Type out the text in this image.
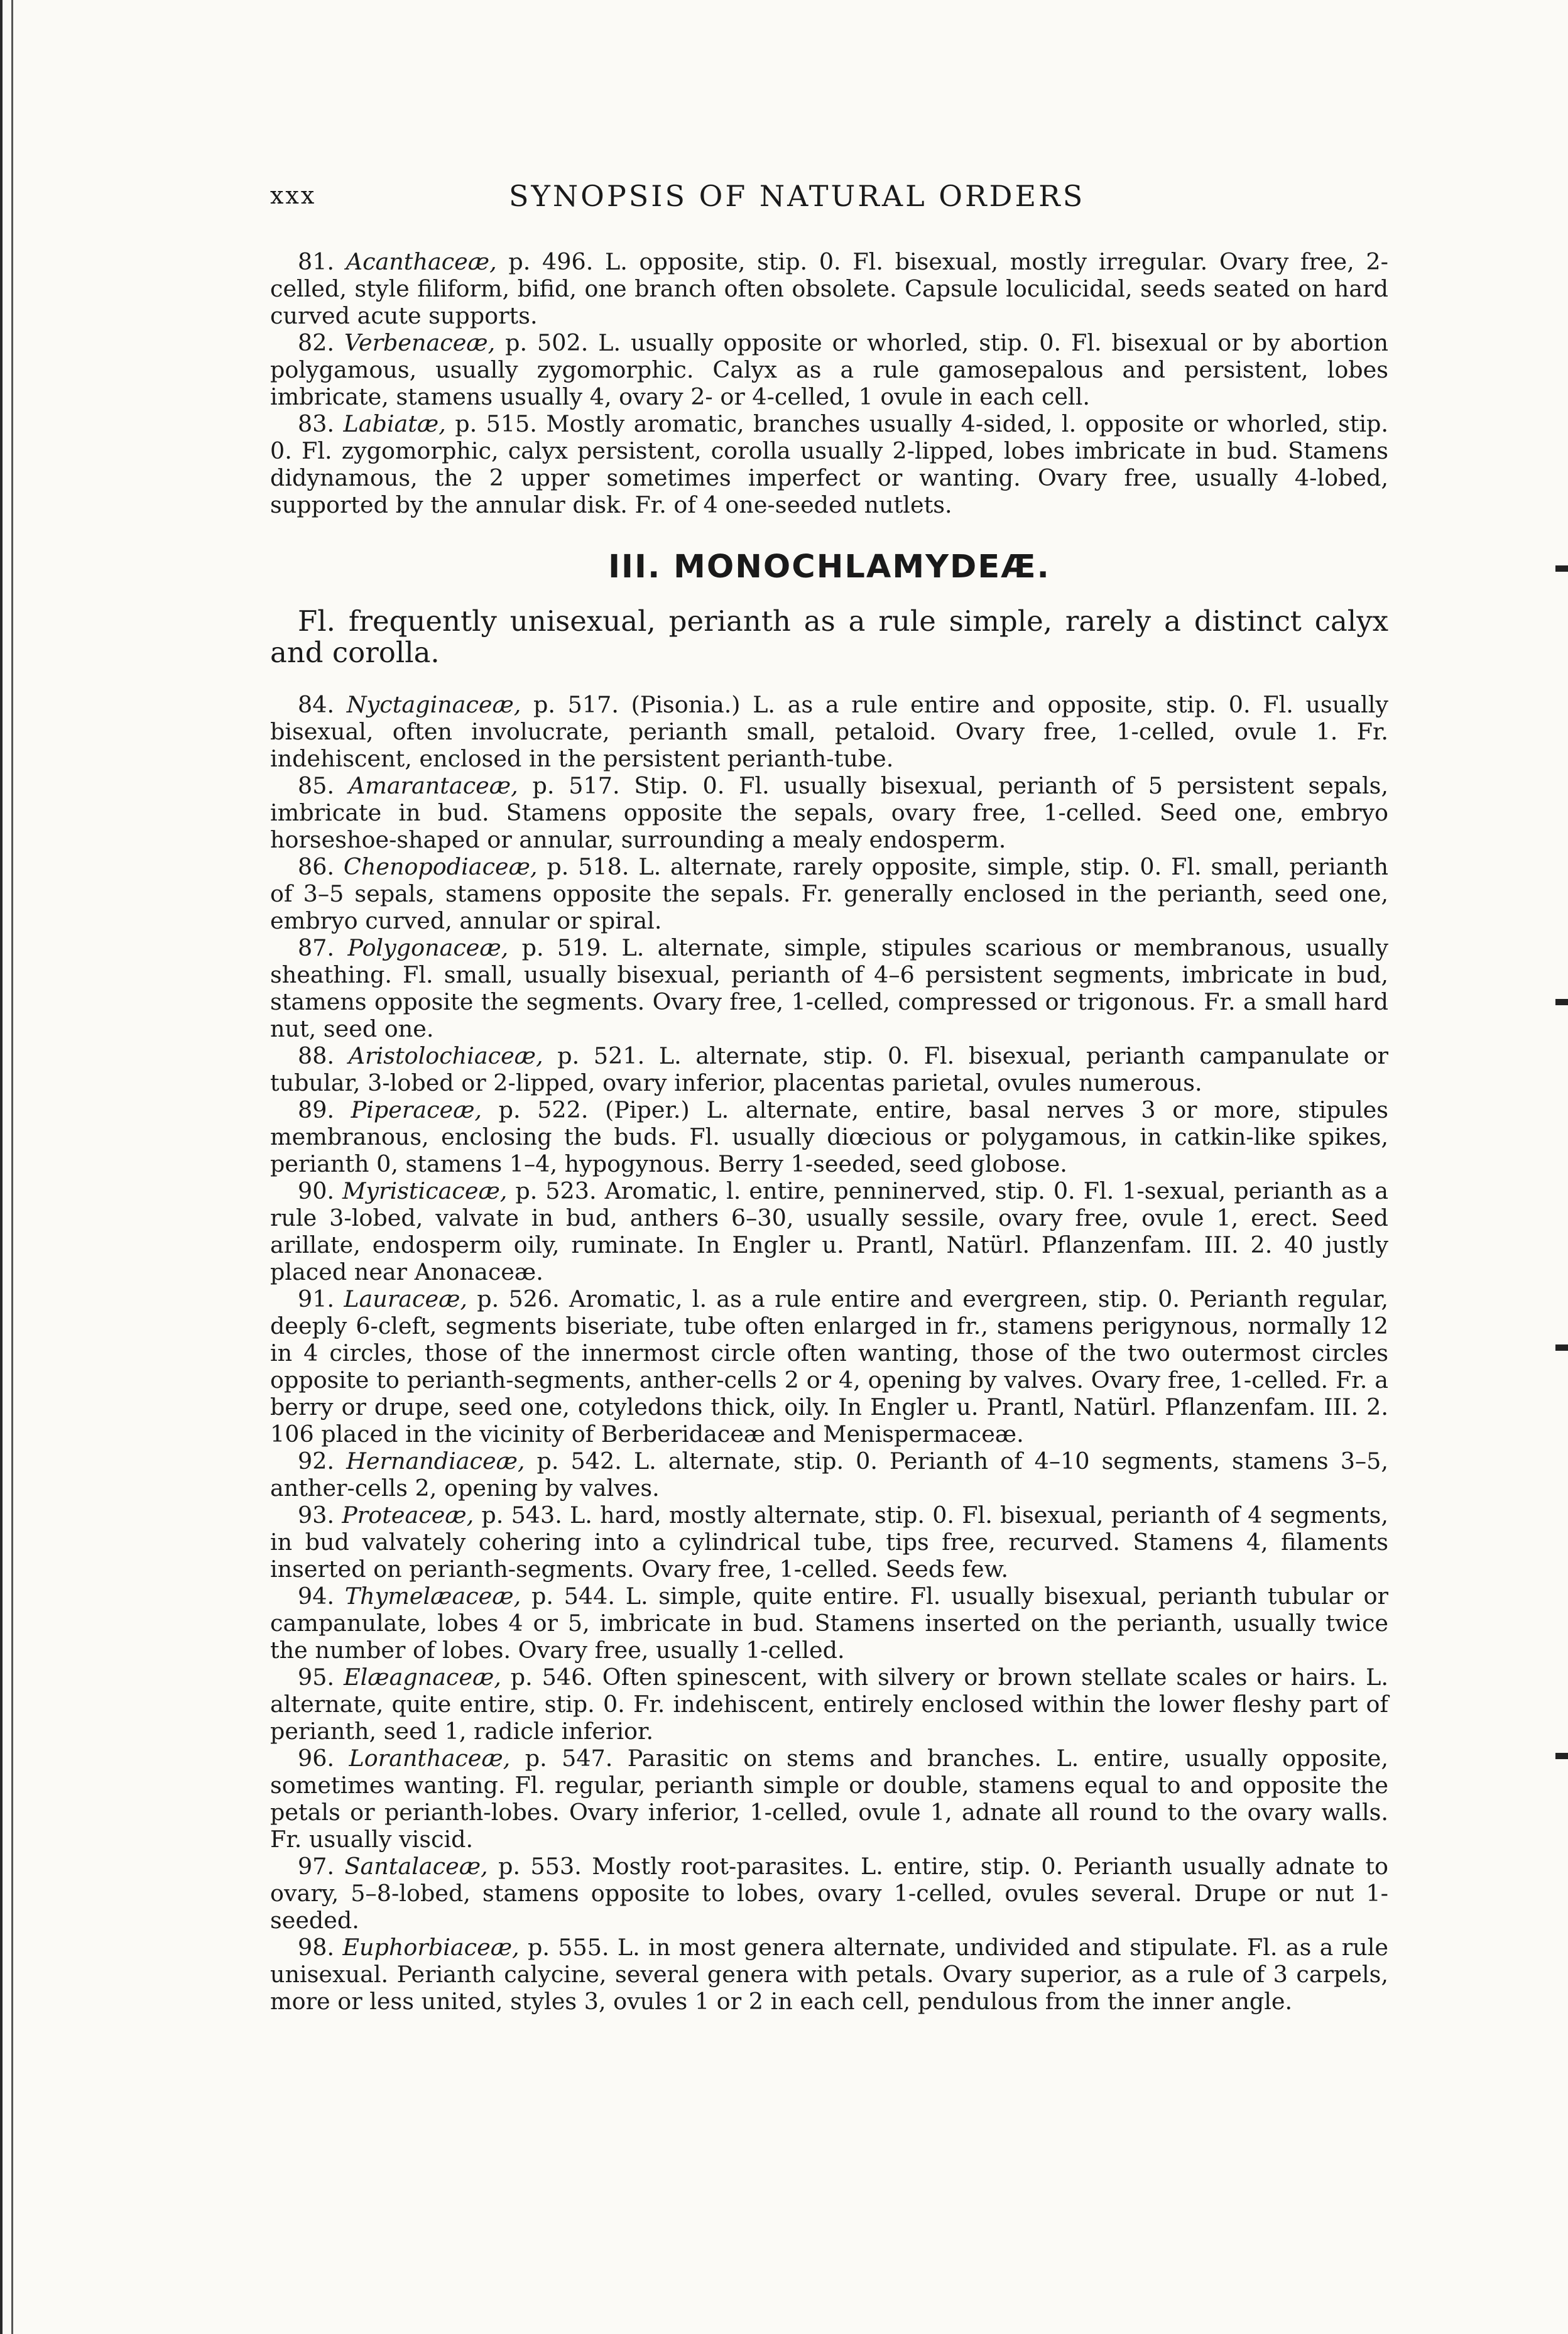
xxx	SYNOPSIS OF NATURAL ORDERS

81. Acanthaceæ, p. 496. L. opposite, stip. 0. Fl. bisexual, mostly irregular. Ovary free, 2-celled, style filiform, bifid, one branch often obsolete. Capsule loculicidal, seeds seated on hard curved acute supports.

82. Verbenaceæ, p. 502. L. usually opposite or whorled, stip. 0. Fl. bisexual or by abortion polygamous, usually zygomorphic. Calyx as a rule gamosepalous and persistent, lobes imbricate, stamens usually 4, ovary 2- or 4-celled, 1 ovule in each cell.

83. Labiatæ, p. 515. Mostly aromatic, branches usually 4-sided, l. opposite or whorled, stip. 0. Fl. zygomorphic, calyx persistent, corolla usually 2-lipped, lobes imbricate in bud. Stamens didynamous, the 2 upper sometimes imperfect or wanting. Ovary free, usually 4-lobed, supported by the annular disk. Fr. of 4 one-seeded nutlets.

III. MONOCHLAMYDEÆ.

Fl. frequently unisexual, perianth as a rule simple, rarely a distinct calyx and corolla.

84. Nyctaginaceæ, p. 517. (Pisonia.) L. as a rule entire and opposite, stip. 0. Fl. usually bisexual, often involucrate, perianth small, petaloid. Ovary free, 1-celled, ovule 1. Fr. indehiscent, enclosed in the persistent perianth-tube.

85. Amarantaceæ, p. 517. Stip. 0. Fl. usually bisexual, perianth of 5 persistent sepals, imbricate in bud. Stamens opposite the sepals, ovary free, 1-celled. Seed one, embryo horseshoe-shaped or annular, surrounding a mealy endosperm.

86. Chenopodiaceæ, p. 518. L. alternate, rarely opposite, simple, stip. 0. Fl. small, perianth of 3–5 sepals, stamens opposite the sepals. Fr. generally enclosed in the perianth, seed one, embryo curved, annular or spiral.

87. Polygonaceæ, p. 519. L. alternate, simple, stipules scarious or membranous, usually sheathing. Fl. small, usually bisexual, perianth of 4–6 persistent segments, imbricate in bud, stamens opposite the segments. Ovary free, 1-celled, compressed or trigonous. Fr. a small hard nut, seed one.

88. Aristolochiaceæ, p. 521. L. alternate, stip. 0. Fl. bisexual, perianth campanulate or tubular, 3-lobed or 2-lipped, ovary inferior, placentas parietal, ovules numerous.

89. Piperaceæ, p. 522. (Piper.) L. alternate, entire, basal nerves 3 or more, stipules membranous, enclosing the buds. Fl. usually diœcious or polygamous, in catkin-like spikes, perianth 0, stamens 1–4, hypogynous. Berry 1-seeded, seed globose.

90. Myristicaceæ, p. 523. Aromatic, l. entire, penninerved, stip. 0. Fl. 1-sexual, perianth as a rule 3-lobed, valvate in bud, anthers 6–30, usually sessile, ovary free, ovule 1, erect. Seed arillate, endosperm oily, ruminate. In Engler u. Prantl, Natürl. Pflanzenfam. III. 2. 40 justly placed near Anonaceæ.

91. Lauraceæ, p. 526. Aromatic, l. as a rule entire and evergreen, stip. 0. Perianth regular, deeply 6-cleft, segments biseriate, tube often enlarged in fr., stamens perigynous, normally 12 in 4 circles, those of the innermost circle often wanting, those of the two outermost circles opposite to perianth-segments, anther-cells 2 or 4, opening by valves. Ovary free, 1-celled. Fr. a berry or drupe, seed one, cotyledons thick, oily. In Engler u. Prantl, Natürl. Pflanzenfam. III. 2. 106 placed in the vicinity of Berberidaceæ and Menispermaceæ.

92. Hernandiaceæ, p. 542. L. alternate, stip. 0. Perianth of 4–10 segments, stamens 3–5, anther-cells 2, opening by valves.

93. Proteaceæ, p. 543. L. hard, mostly alternate, stip. 0. Fl. bisexual, perianth of 4 segments, in bud valvately cohering into a cylindrical tube, tips free, recurved. Stamens 4, filaments inserted on perianth-segments. Ovary free, 1-celled. Seeds few.

94. Thymelæaceæ, p. 544. L. simple, quite entire. Fl. usually bisexual, perianth tubular or campanulate, lobes 4 or 5, imbricate in bud. Stamens inserted on the perianth, usually twice the number of lobes. Ovary free, usually 1-celled.

95. Elæagnaceæ, p. 546. Often spinescent, with silvery or brown stellate scales or hairs. L. alternate, quite entire, stip. 0. Fr. indehiscent, entirely enclosed within the lower fleshy part of perianth, seed 1, radicle inferior.

96. Loranthaceæ, p. 547. Parasitic on stems and branches. L. entire, usually opposite, sometimes wanting. Fl. regular, perianth simple or double, stamens equal to and opposite the petals or perianth-lobes. Ovary inferior, 1-celled, ovule 1, adnate all round to the ovary walls. Fr. usually viscid.

97. Santalaceæ, p. 553. Mostly root-parasites. L. entire, stip. 0. Perianth usually adnate to ovary, 5–8-lobed, stamens opposite to lobes, ovary 1-celled, ovules several. Drupe or nut 1-seeded.

98. Euphorbiaceæ, p. 555. L. in most genera alternate, undivided and stipulate. Fl. as a rule unisexual. Perianth calycine, several genera with petals. Ovary superior, as a rule of 3 carpels, more or less united, styles 3, ovules 1 or 2 in each cell, pendulous from the inner angle.
